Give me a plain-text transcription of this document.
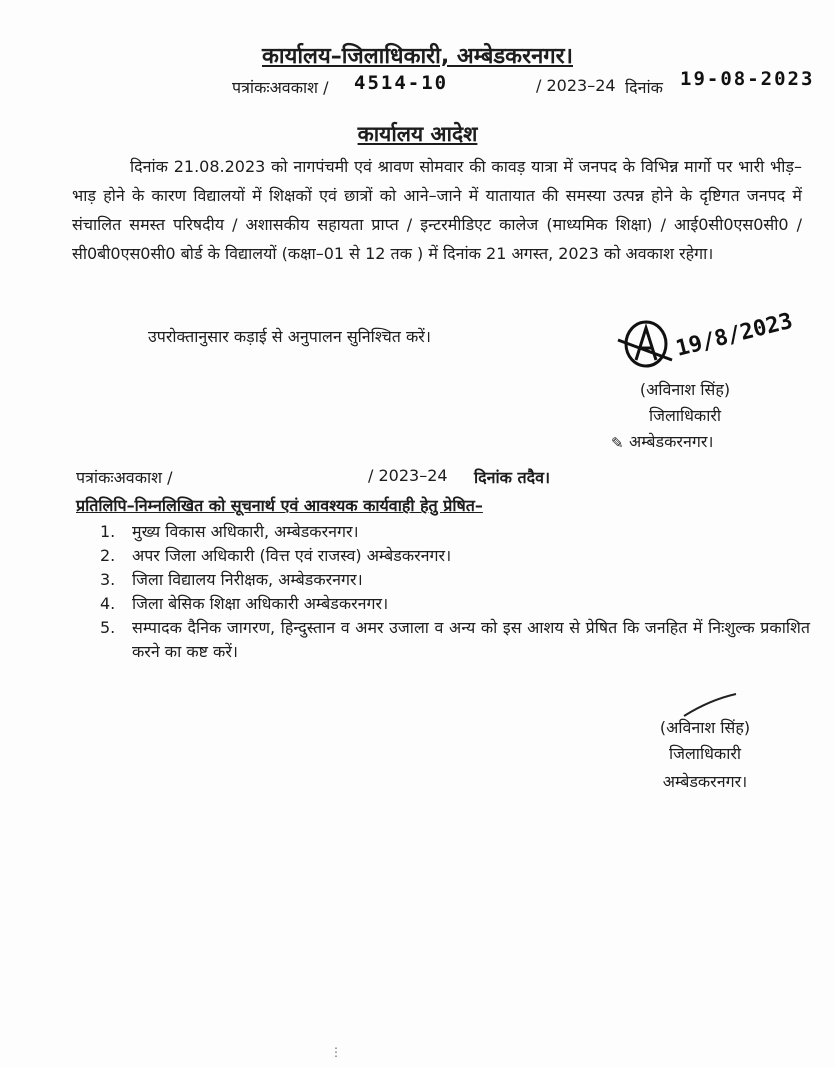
कार्यालय–जिलाधिकारी, अम्बेडकरनगर।
पत्रांकःअवकाश / 4514-10	/ 2023–24 दिनांक 19-08-2023
कार्यालय आदेश
दिनांक 21.08.2023 को नागपंचमी एवं श्रावण सोमवार की कावड़ यात्रा में जनपद के विभिन्न मार्गो पर भारी भीड़–भाड़ होने के कारण विद्यालयों में शिक्षकों एवं छात्रों को आने–जाने में यातायात की समस्या उत्पन्न होने के दृष्टिगत जनपद में संचालित समस्त परिषदीय / अशासकीय सहायता प्राप्त / इन्टरमीडिएट कालेज (माध्यमिक शिक्षा) / आई0सी0एस0सी0 / सी0बी0एस0सी0 बोर्ड के विद्यालयों (कक्षा–01 से 12 तक ) में दिनांक 21 अगस्त, 2023 को अवकाश रहेगा।
उपरोक्तानुसार कड़ाई से अनुपालन सुनिश्चित करें।	19/8/2023
(अविनाश सिंह)
जिलाधिकारी
✎ अम्बेडकरनगर।
पत्रांकःअवकाश /	/ 2023–24 दिनांक तदैव।
प्रतिलिपि–निम्नलिखित को सूचनार्थ एवं आवश्यक कार्यवाही हेतु प्रेषित–
1. मुख्य विकास अधिकारी, अम्बेडकरनगर।
2. अपर जिला अधिकारी (वित्त एवं राजस्व) अम्बेडकरनगर।
3. जिला विद्यालय निरीक्षक, अम्बेडकरनगर।
4. जिला बेसिक शिक्षा अधिकारी अम्बेडकरनगर।
5. सम्पादक दैनिक जागरण, हिन्दुस्तान व अमर उजाला व अन्य को इस आशय से प्रेषित कि जनहित में निःशुल्क प्रकाशित करने का कष्ट करें।
(अविनाश सिंह)
जिलाधिकारी
अम्बेडकरनगर।
⋮
